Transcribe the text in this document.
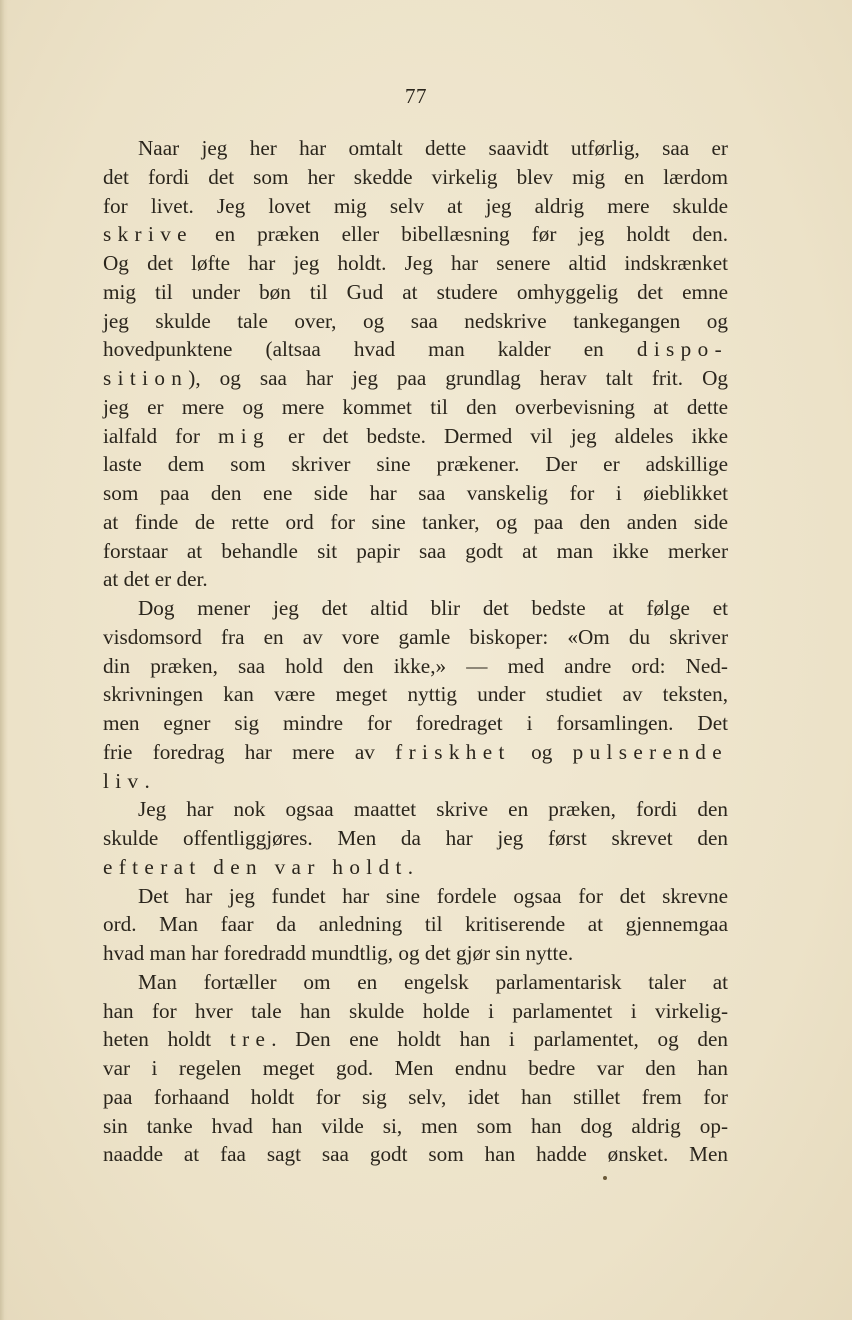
77
Naar jeg her har omtalt dette saavidt utførlig, saa er
det fordi det som her skedde virkelig blev mig en lærdom
for livet. Jeg lovet mig selv at jeg aldrig mere skulde
skrive en præken eller bibellæsning før jeg holdt den.
Og det løfte har jeg holdt. Jeg har senere altid indskrænket
mig til under bøn til Gud at studere omhyggelig det emne
jeg skulde tale over, og saa nedskrive tankegangen og
hovedpunktene (altsaa hvad man kalder en dispo-
sition), og saa har jeg paa grundlag herav talt frit. Og
jeg er mere og mere kommet til den overbevisning at dette
ialfald for mig er det bedste. Dermed vil jeg aldeles ikke
laste dem som skriver sine prækener. Der er adskillige
som paa den ene side har saa vanskelig for i øieblikket
at finde de rette ord for sine tanker, og paa den anden side
forstaar at behandle sit papir saa godt at man ikke merker
at det er der.
Dog mener jeg det altid blir det bedste at følge et
visdomsord fra en av vore gamle biskoper: «Om du skriver
din præken, saa hold den ikke,» — med andre ord: Ned-
skrivningen kan være meget nyttig under studiet av teksten,
men egner sig mindre for foredraget i forsamlingen. Det
frie foredrag har mere av friskhet og pulserende
liv.
Jeg har nok ogsaa maattet skrive en præken, fordi den
skulde offentliggjøres. Men da har jeg først skrevet den
efterat den var holdt.
Det har jeg fundet har sine fordele ogsaa for det skrevne
ord. Man faar da anledning til kritiserende at gjennemgaa
hvad man har foredradd mundtlig, og det gjør sin nytte.
Man fortæller om en engelsk parlamentarisk taler at
han for hver tale han skulde holde i parlamentet i virkelig-
heten holdt tre. Den ene holdt han i parlamentet, og den
var i regelen meget god. Men endnu bedre var den han
paa forhaand holdt for sig selv, idet han stillet frem for
sin tanke hvad han vilde si, men som han dog aldrig op-
naadde at faa sagt saa godt som han hadde ønsket. Men
